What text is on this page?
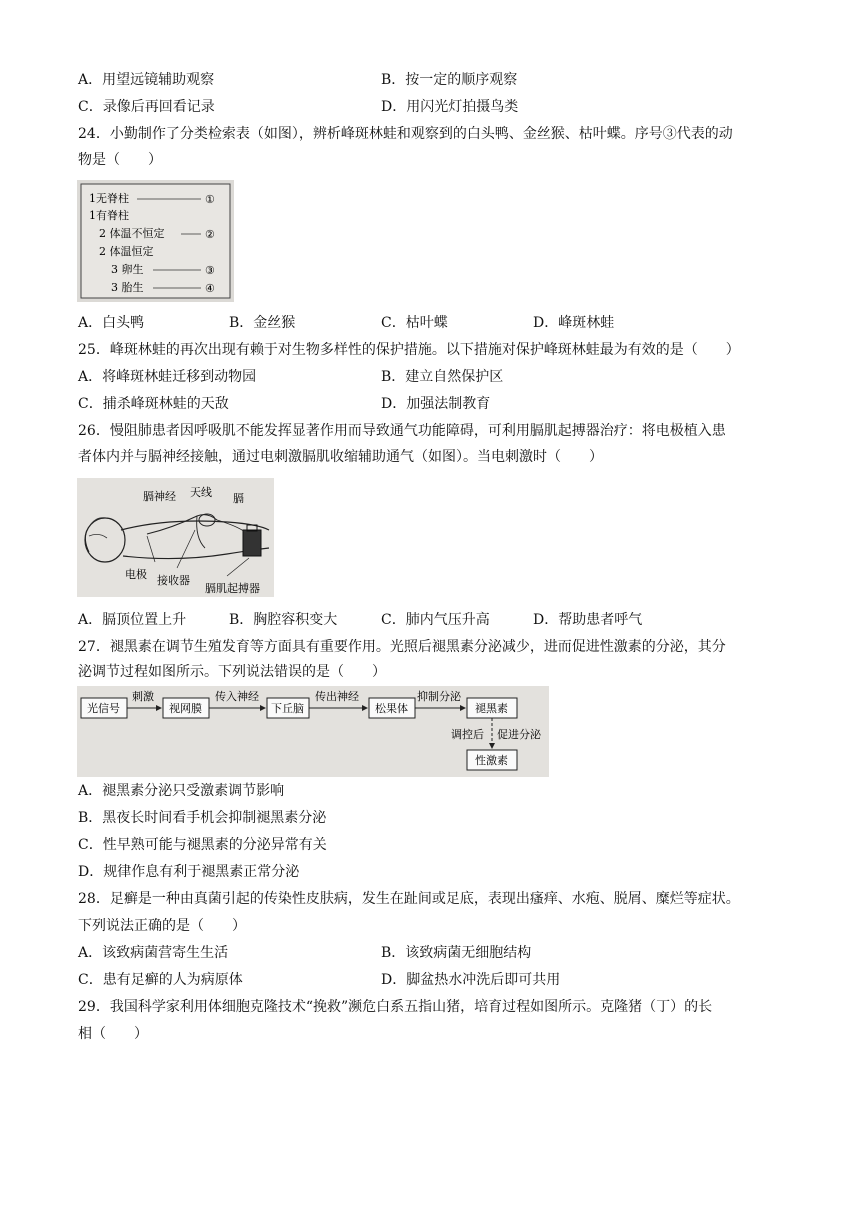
A．用望远镜辅助观察	B．按一定的顺序观察
C．录像后再回看记录	D．用闪光灯拍摄鸟类
24．小勤制作了分类检索表（如图），辨析峰斑林蛙和观察到的白头鸭、金丝猴、枯叶蝶。序号③代表的动
物是（　　）
1无脊柱	①
1有脊柱
2 体温不恒定	②
2 体温恒定
3 卵生	③
3 胎生	④
A．白头鸭	B．金丝猴	C．枯叶蝶	D．峰斑林蛙
25．峰斑林蛙的再次出现有赖于对生物多样性的保护措施。以下措施对保护峰斑林蛙最为有效的是（　　）
A．将峰斑林蛙迁移到动物园	B．建立自然保护区
C．捕杀峰斑林蛙的天敌	D．加强法制教育
26．慢阻肺患者因呼吸肌不能发挥显著作用而导致通气功能障碍，可利用膈肌起搏器治疗：将电极植入患
者体内并与膈神经接触，通过电刺激膈肌收缩辅助通气（如图）。当电刺激时（　　）
膈神经 天线 膈
电极 接收器
膈肌起搏器
A．膈顶位置上升	B．胸腔容积变大	C．肺内气压升高	D．帮助患者呼气
27．褪黑素在调节生殖发育等方面具有重要作用。光照后褪黑素分泌减少，进而促进性激素的分泌，其分
泌调节过程如图所示。下列说法错误的是（　　）
光信号	视网膜	下丘脑	松果体	褪黑素
性激素
刺激	传入神经	传出神经	抑制分泌
调控后 促进分泌
A．褪黑素分泌只受激素调节影响
B．黑夜长时间看手机会抑制褪黑素分泌
C．性早熟可能与褪黑素的分泌异常有关
D．规律作息有利于褪黑素正常分泌
28．足癣是一种由真菌引起的传染性皮肤病，发生在趾间或足底，表现出瘙痒、水疱、脱屑、糜烂等症状。
下列说法正确的是（　　）
A．该致病菌营寄生生活	B．该致病菌无细胞结构
C．患有足癣的人为病原体	D．脚盆热水冲洗后即可共用
29．我国科学家利用体细胞克隆技术“挽救”濒危白系五指山猪，培育过程如图所示。克隆猪（丁）的长
相（　　）
